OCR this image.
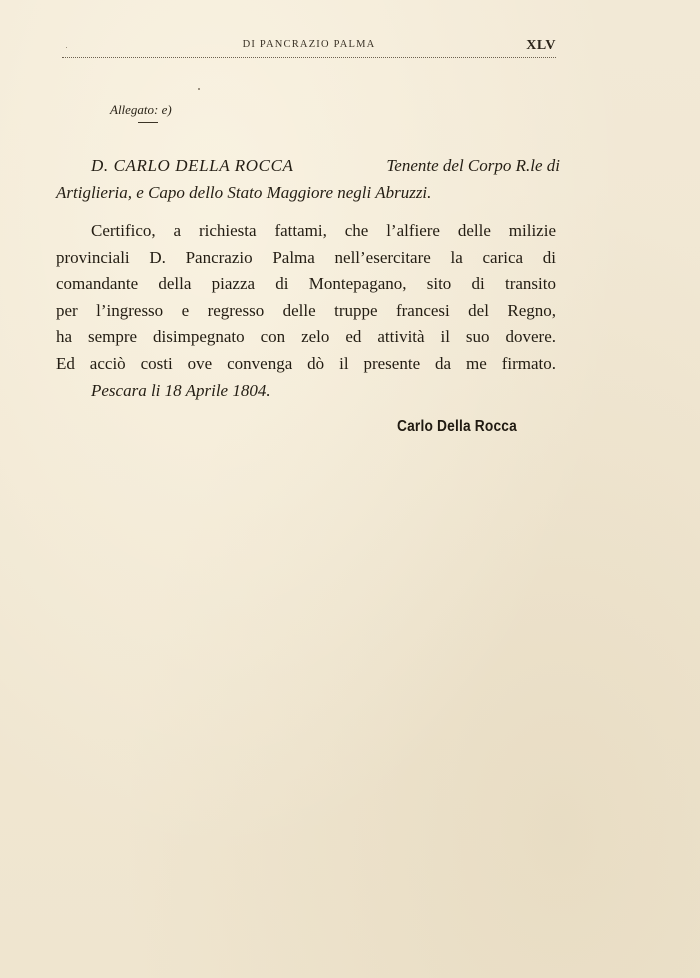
DI PANCRAZIO PALMA	XLV
Allegato: e)
D. CARLO DELLA ROCCA	Tenente del Corpo R.le di
Artiglieria, e Capo dello Stato Maggiore negli Abruzzi.
Certifico, a richiesta fattami, che l’alfiere delle milizie
provinciali D. Pancrazio Palma nell’esercitare la carica di
comandante della piazza di Montepagano, sito di transito
per l’ingresso e regresso delle truppe francesi del Regno,
ha sempre disimpegnato con zelo ed attività il suo dovere.
Ed acciò costi ove convenga dò il presente da me firmato.
Pescara li 18 Aprile 1804.
Carlo Della Rocca
